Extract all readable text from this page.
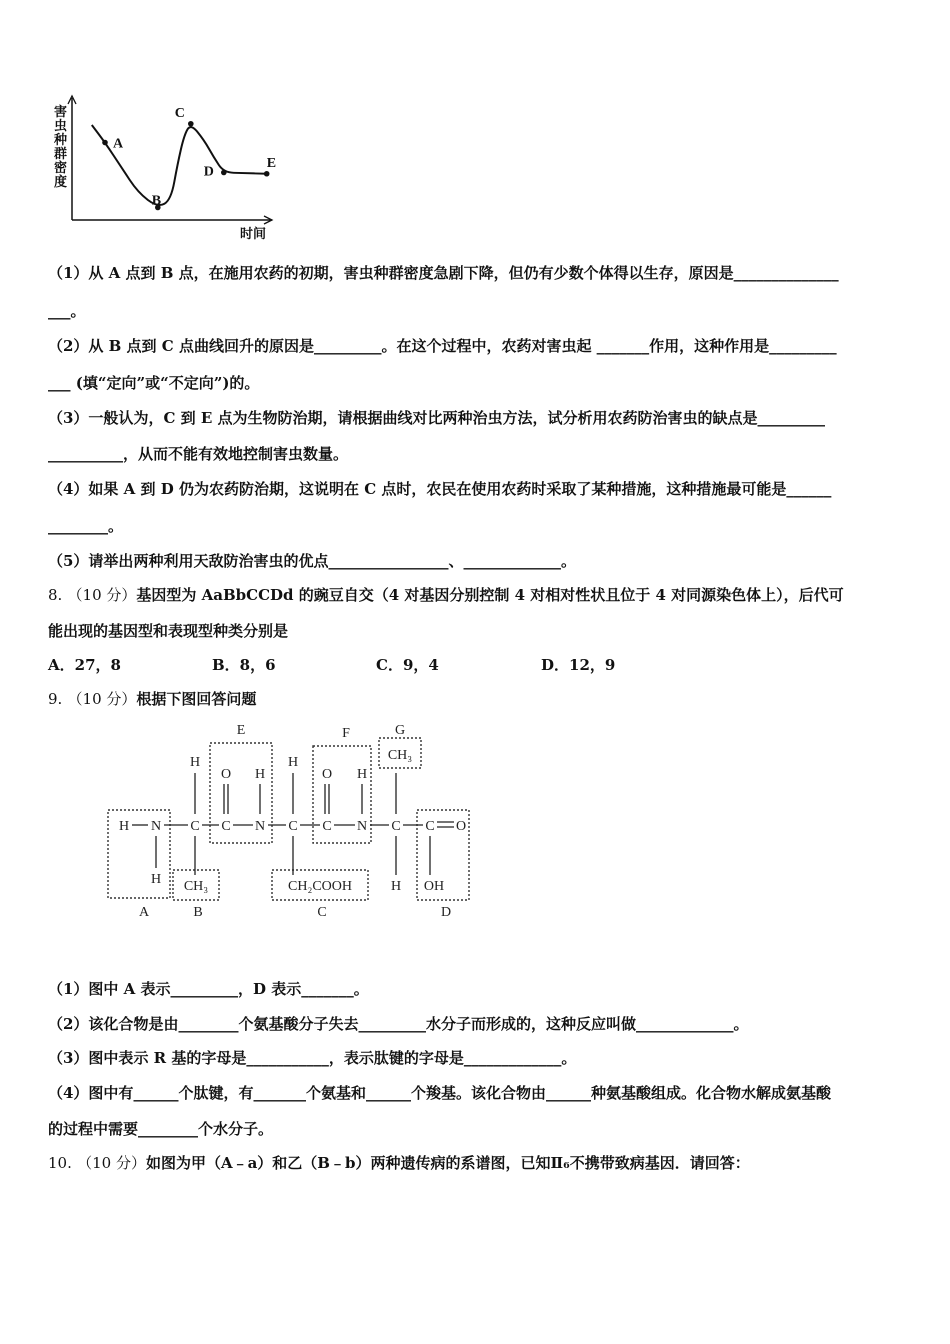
害虫种群密度
时间
A
B
C
D
E
（1）从 A 点到 B 点，在施用农药的初期，害虫种群密度急剧下降，但仍有少数个体得以生存，原因是______________
___。
（2）从 B 点到 C 点曲线回升的原因是_________。在这个过程中，农药对害虫起 _______作用，这种作用是_________
___ (填“定向”或“不定向”)的。
（3）一般认为，C 到 E 点为生物防治期，请根据曲线对比两种治虫方法，试分析用农药防治害虫的缺点是_________
__________，从而不能有效地控制害虫数量。
（4）如果 A 到 D 仍为农药防治期，这说明在 C 点时，农民在使用农药时采取了某种措施，这种措施最可能是______
________。
（5）请举出两种利用天敌防治害虫的优点________________、_____________。
8. （10 分）基因型为 AaBbCCDd 的豌豆自交（4 对基因分别控制 4 对相对性状且位于 4 对同源染色体上），后代可
能出现的基因型和表现型种类分别是
A．27，8	B．8，6	C．9，4	D．12，9
9. （10 分）根据下图回答问题
E	F	G
A	B	C	D
H N C C N C C N C C O
H
O H
H
O H
CH₃
H CH₃	CH₂COOH	H OH
（1）图中 A 表示_________，D 表示_______。
（2）该化合物是由________个氨基酸分子失去_________水分子而形成的，这种反应叫做_____________。
（3）图中表示 R 基的字母是___________，表示肽键的字母是_____________。
（4）图中有______个肽键，有_______个氨基和______个羧基。该化合物由______种氨基酸组成。化合物水解成氨基酸
的过程中需要________个水分子。
10. （10 分）如图为甲（A﹣a）和乙（B﹣b）两种遗传病的系谱图，已知Ⅱ₆不携带致病基因．请回答：
